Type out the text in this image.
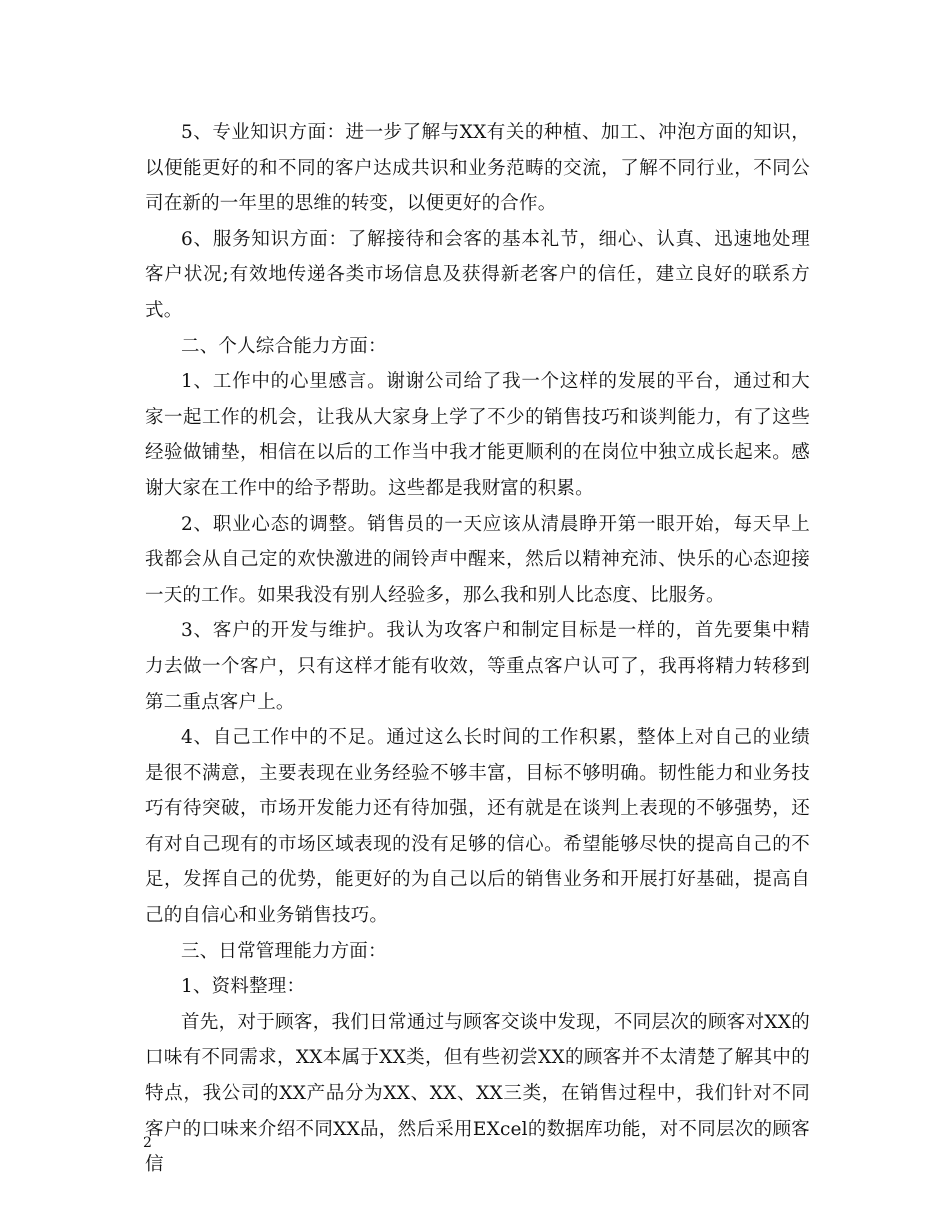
5、专业知识方面：进一步了解与XX有关的种植、加工、冲泡方面的知识，以便能更好的和不同的客户达成共识和业务范畴的交流，了解不同行业，不同公司在新的一年里的思维的转变，以便更好的合作。

6、服务知识方面：了解接待和会客的基本礼节，细心、认真、迅速地处理客户状况;有效地传递各类市场信息及获得新老客户的信任，建立良好的联系方式。

二、个人综合能力方面：

1、工作中的心里感言。谢谢公司给了我一个这样的发展的平台，通过和大家一起工作的机会，让我从大家身上学了不少的销售技巧和谈判能力，有了这些经验做铺垫，相信在以后的工作当中我才能更顺利的在岗位中独立成长起来。感谢大家在工作中的给予帮助。这些都是我财富的积累。

2、职业心态的调整。销售员的一天应该从清晨睁开第一眼开始，每天早上我都会从自己定的欢快激进的闹铃声中醒来，然后以精神充沛、快乐的心态迎接一天的工作。如果我没有别人经验多，那么我和别人比态度、比服务。

3、客户的开发与维护。我认为攻客户和制定目标是一样的，首先要集中精力去做一个客户，只有这样才能有收效，等重点客户认可了，我再将精力转移到第二重点客户上。

4、自己工作中的不足。通过这么长时间的工作积累，整体上对自己的业绩是很不满意，主要表现在业务经验不够丰富，目标不够明确。韧性能力和业务技巧有待突破，市场开发能力还有待加强，还有就是在谈判上表现的不够强势，还有对自己现有的市场区域表现的没有足够的信心。希望能够尽快的提高自己的不足，发挥自己的优势，能更好的为自己以后的销售业务和开展打好基础，提高自己的自信心和业务销售技巧。

三、日常管理能力方面：

1、资料整理：

首先，对于顾客，我们日常通过与顾客交谈中发现，不同层次的顾客对XX的口味有不同需求，XX本属于XX类，但有些初尝XX的顾客并不太清楚了解其中的特点，我公司的XX产品分为XX、XX、XX三类，在销售过程中，我们针对不同客户的口味来介绍不同XX品，然后采用EXcel的数据库功能，对不同层次的顾客信

2
